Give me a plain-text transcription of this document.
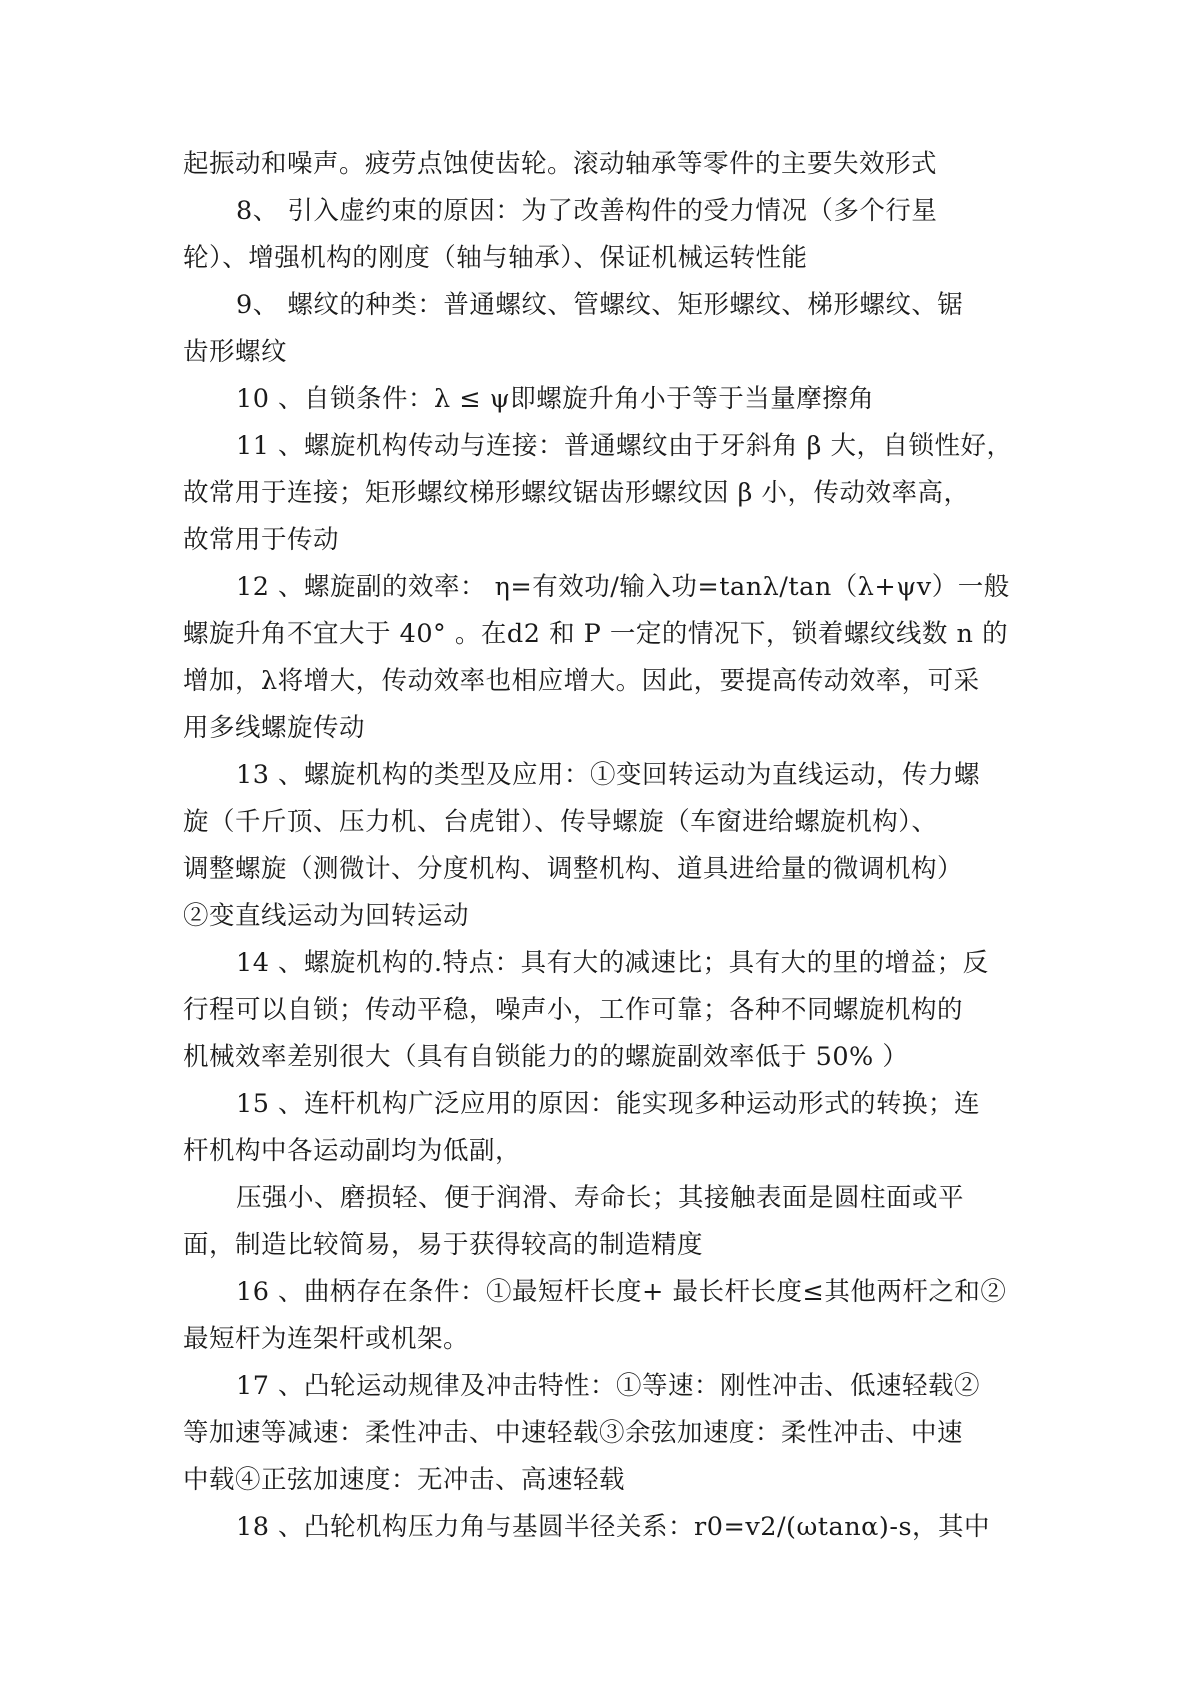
起振动和噪声。疲劳点蚀使齿轮。滚动轴承等零件的主要失效形式

8、 引入虚约束的原因：为了改善构件的受力情况（多个行星

轮）、增强机构的刚度（轴与轴承）、保证机械运转性能

9、 螺纹的种类：普通螺纹、管螺纹、矩形螺纹、梯形螺纹、锯

齿形螺纹

10 、自锁条件：λ ≤ ψ即螺旋升角小于等于当量摩擦角

11 、螺旋机构传动与连接：普通螺纹由于牙斜角 β 大，自锁性好，

故常用于连接；矩形螺纹梯形螺纹锯齿形螺纹因 β 小，传动效率高，

故常用于传动

12 、螺旋副的效率： η=有效功/输入功=tanλ/tan（λ+ψv）一般

螺旋升角不宜大于 40° 。在d2 和 P 一定的情况下，锁着螺纹线数 n 的

增加，λ将增大，传动效率也相应增大。因此，要提高传动效率，可采

用多线螺旋传动

13 、螺旋机构的类型及应用：①变回转运动为直线运动，传力螺

旋（千斤顶、压力机、台虎钳）、传导螺旋（车窗进给螺旋机构）、

调整螺旋（测微计、分度机构、调整机构、道具进给量的微调机构）

②变直线运动为回转运动

14 、螺旋机构的.特点：具有大的减速比；具有大的里的增益；反

行程可以自锁；传动平稳，噪声小，工作可靠；各种不同螺旋机构的

机械效率差别很大（具有自锁能力的的螺旋副效率低于 50% ）

15 、连杆机构广泛应用的原因：能实现多种运动形式的转换；连

杆机构中各运动副均为低副，

压强小、磨损轻、便于润滑、寿命长；其接触表面是圆柱面或平

面，制造比较简易，易于获得较高的制造精度

16 、曲柄存在条件：①最短杆长度+ 最长杆长度≤其他两杆之和②

最短杆为连架杆或机架。

17 、凸轮运动规律及冲击特性：①等速：刚性冲击、低速轻载②

等加速等减速：柔性冲击、中速轻载③余弦加速度：柔性冲击、中速

中载④正弦加速度：无冲击、高速轻载

18 、凸轮机构压力角与基圆半径关系：r0=v2/(ωtanα)-s，其中
